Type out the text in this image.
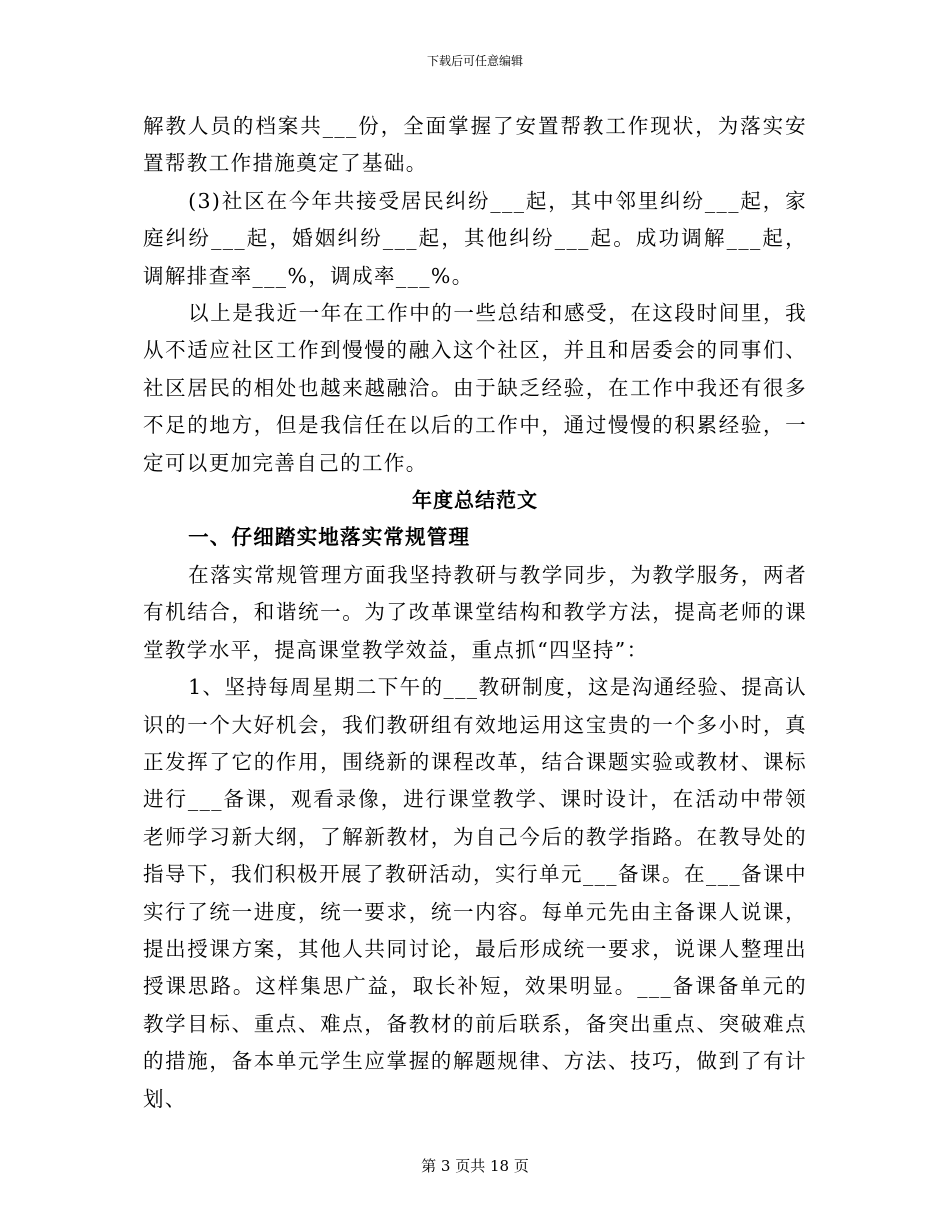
下载后可任意编辑

解教人员的档案共___份，全面掌握了安置帮教工作现状，为落实安置帮教工作措施奠定了基础。

(3)社区在今年共接受居民纠纷___起，其中邻里纠纷___起，家庭纠纷___起，婚姻纠纷___起，其他纠纷___起。成功调解___起，调解排查率___%，调成率___%。

以上是我近一年在工作中的一些总结和感受，在这段时间里，我从不适应社区工作到慢慢的融入这个社区，并且和居委会的同事们、社区居民的相处也越来越融洽。由于缺乏经验，在工作中我还有很多不足的地方，但是我信任在以后的工作中，通过慢慢的积累经验，一定可以更加完善自己的工作。

年度总结范文

一、仔细踏实地落实常规管理

在落实常规管理方面我坚持教研与教学同步，为教学服务，两者有机结合，和谐统一。为了改革课堂结构和教学方法，提高老师的课堂教学水平，提高课堂教学效益，重点抓“四坚持”：

1、坚持每周星期二下午的___教研制度，这是沟通经验、提高认识的一个大好机会，我们教研组有效地运用这宝贵的一个多小时，真正发挥了它的作用，围绕新的课程改革，结合课题实验或教材、课标进行___备课，观看录像，进行课堂教学、课时设计，在活动中带领老师学习新大纲，了解新教材，为自己今后的教学指路。在教导处的指导下，我们积极开展了教研活动，实行单元___备课。在___备课中实行了统一进度，统一要求，统一内容。每单元先由主备课人说课，提出授课方案，其他人共同讨论，最后形成统一要求，说课人整理出授课思路。这样集思广益，取长补短，效果明显。___备课备单元的教学目标、重点、难点，备教材的前后联系，备突出重点、突破难点的措施，备本单元学生应掌握的解题规律、方法、技巧，做到了有计划、

第 3 页共 18 页
